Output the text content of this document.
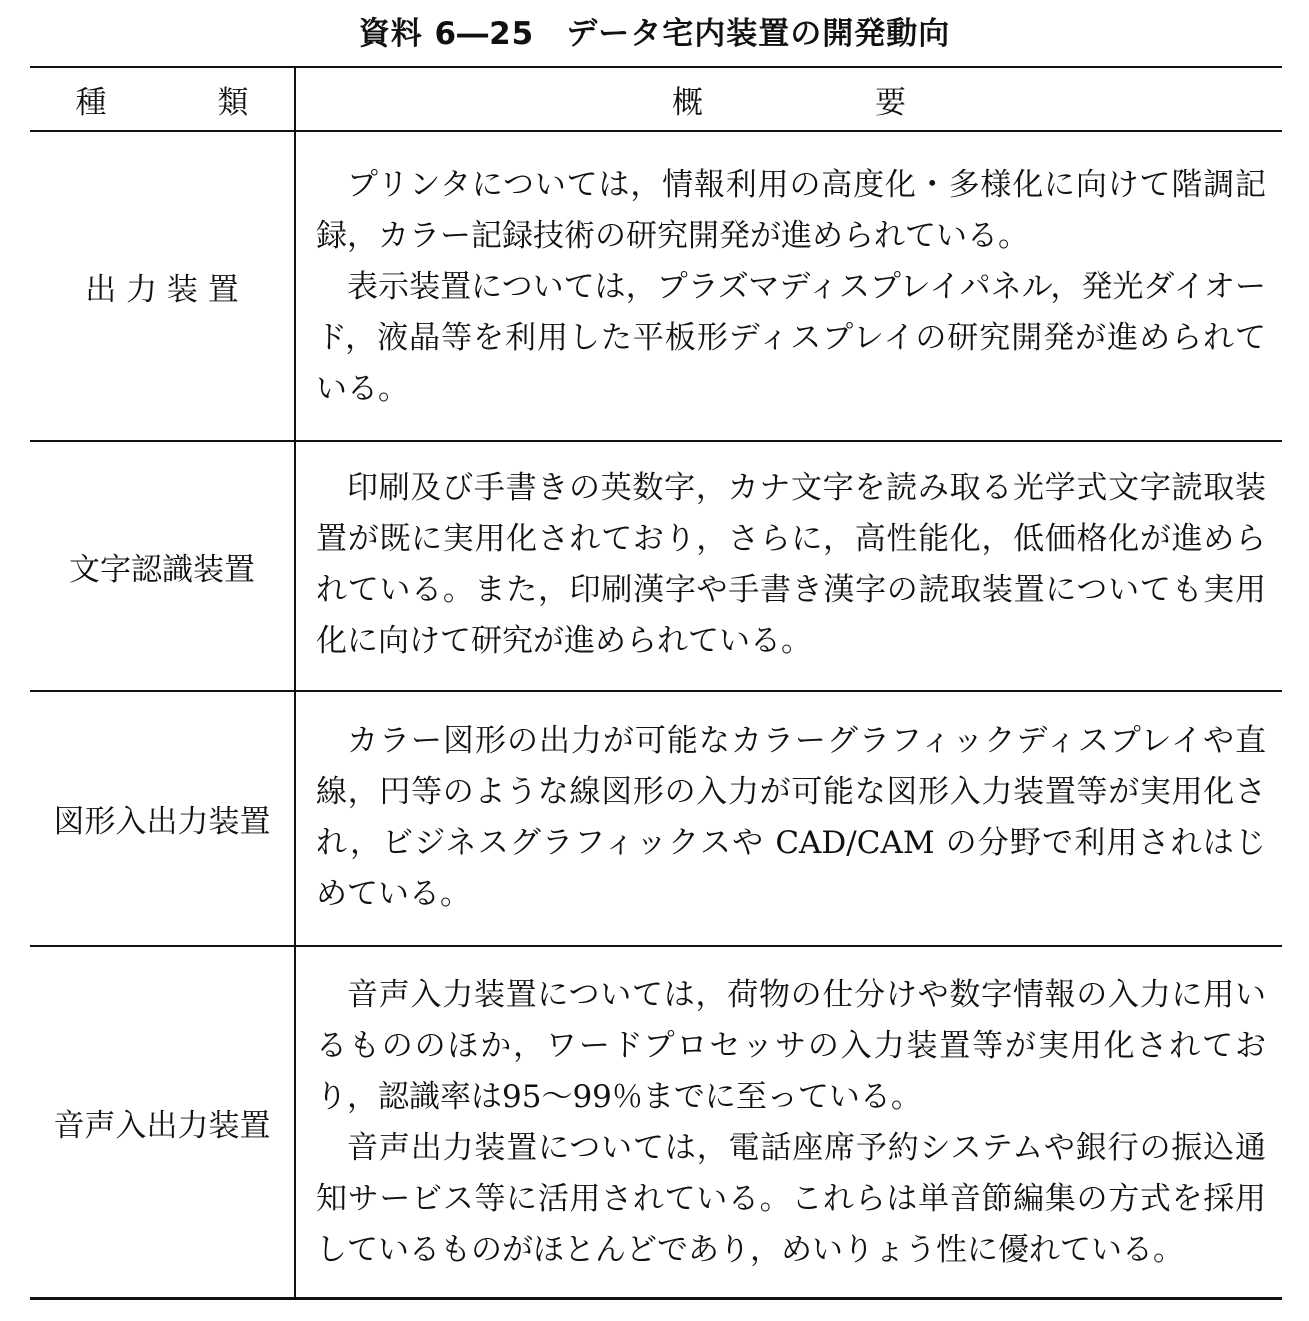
資料 6―25　データ宅内装置の開発動向
種　類	概	要
出 力 装 置

プリンタについては，情報利用の高度化・多様化に向けて階調記録，カラー記録技術の研究開発が進められている。

表示装置については，プラズマディスプレイパネル，発光ダイオード，液晶等を利用した平板形ディスプレイの研究開発が進められている。

文字認識装置

印刷及び手書きの英数字，カナ文字を読み取る光学式文字読取装置が既に実用化されており，さらに，高性能化，低価格化が進められている。また，印刷漢字や手書き漢字の読取装置についても実用化に向けて研究が進められている。

図形入出力装置

カラー図形の出力が可能なカラーグラフィックディスプレイや直線，円等のような線図形の入力が可能な図形入力装置等が実用化され，ビジネスグラフィックスや CAD/CAM の分野で利用されはじめている。

音声入出力装置

音声入力装置については，荷物の仕分けや数字情報の入力に用いるもののほか，ワードプロセッサの入力装置等が実用化されており，認識率は95～99％までに至っている。

音声出力装置については，電話座席予約システムや銀行の振込通知サービス等に活用されている。これらは単音節編集の方式を採用しているものがほとんどであり，めいりょう性に優れている。
